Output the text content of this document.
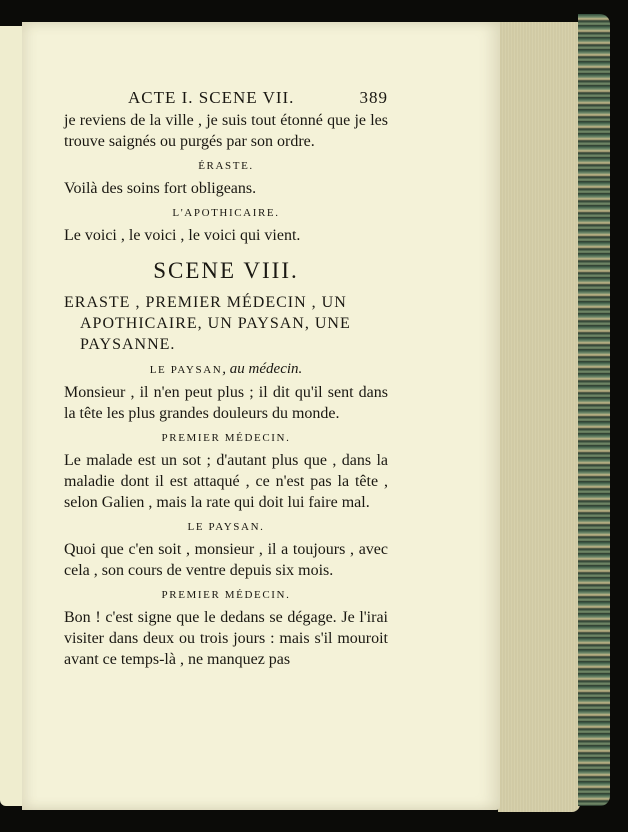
ACTE I. SCENE VII.	389

je reviens de la ville , je suis tout étonné que je les trouve saignés ou purgés par son ordre.

ÉRASTE.

Voilà des soins fort obligeans.

L'APOTHICAIRE.

Le voici , le voici , le voici qui vient.

SCENE VIII.

ERASTE , PREMIER MÉDECIN , UN
APOTHICAIRE, UN PAYSAN, UNE
PAYSANNE.

LE PAYSAN, au médecin.

Monsieur , il n'en peut plus ; il dit qu'il sent dans la tête les plus grandes douleurs du monde.

PREMIER MÉDECIN.

Le malade est un sot ; d'autant plus que , dans la maladie dont il est attaqué , ce n'est pas la tête , selon Galien , mais la rate qui doit lui faire mal.

LE PAYSAN.

Quoi que c'en soit , monsieur , il a toujours , avec cela , son cours de ventre depuis six mois.

PREMIER MÉDECIN.

Bon ! c'est signe que le dedans se dégage. Je l'irai visiter dans deux ou trois jours : mais s'il mouroit avant ce temps-là , ne manquez pas
